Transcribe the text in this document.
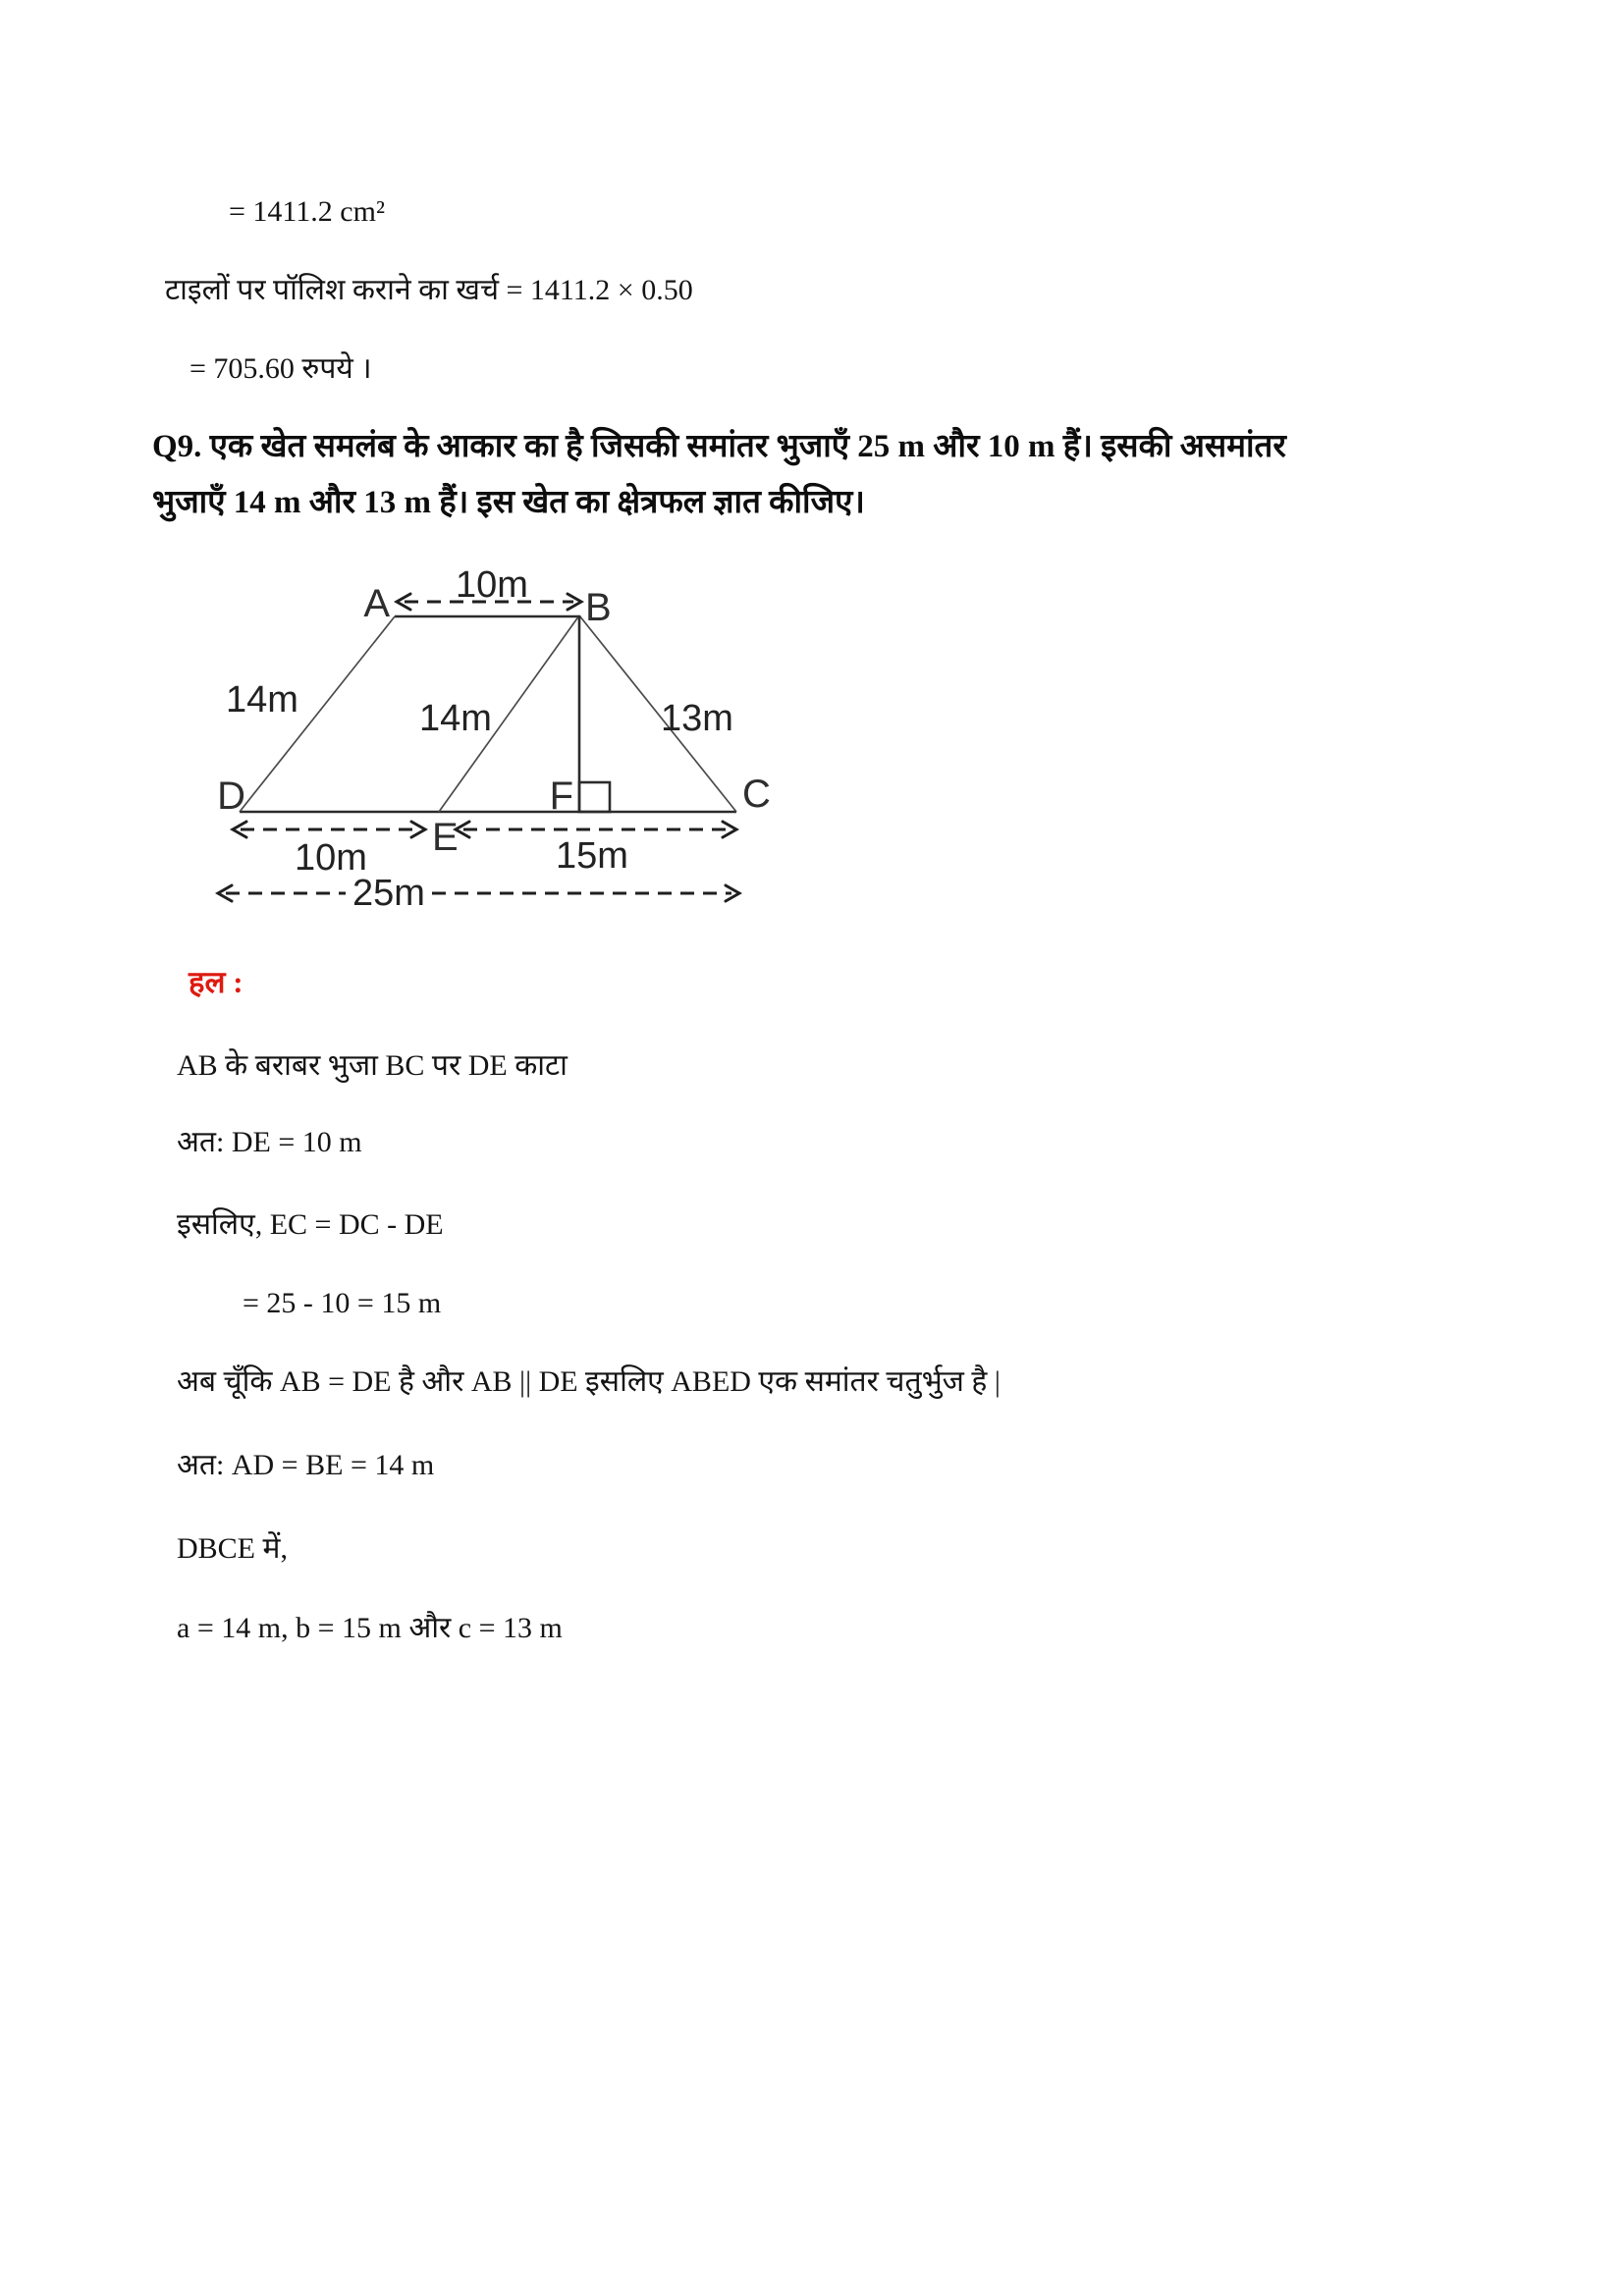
= 1411.2 cm²

टाइलों पर पॉलिश कराने का खर्च = 1411.2 × 0.50

= 705.60 रुपये ।

Q9. एक खेत समलंब के आकार का है जिसकी समांतर भुजाएँ 25 m और 10 m हैं। इसकी असमांतर

भुजाएँ 14 m और 13 m हैं। इस खेत का क्षेत्रफल ज्ञात कीजिए।

A	B
C
D
E
F
10m
14m	14m	13m
10m	15m
25m

हल :

AB के बराबर भुजा BC पर DE काटा

अत: DE = 10 m

इसलिए, EC = DC - DE

= 25 - 10 = 15 m

अब चूँकि AB = DE है और AB || DE इसलिए ABED एक समांतर चतुर्भुज है |

अत: AD = BE = 14 m

DBCE में,

a = 14 m, b = 15 m और c = 13 m
